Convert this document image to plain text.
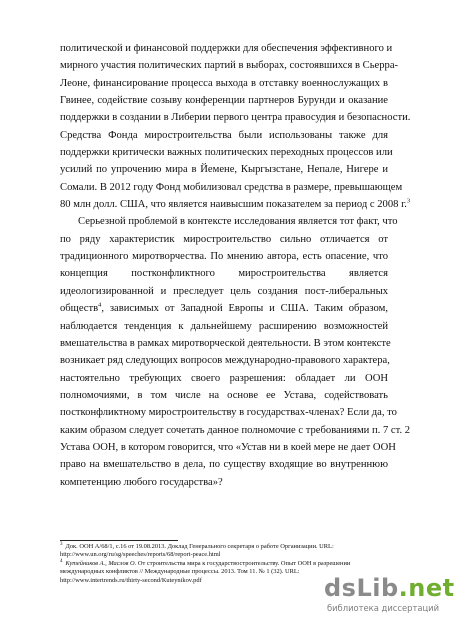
политической и финансовой поддержки для обеспечения эффективного и
мирного участия политических партий в выборах, состоявшихся в Сьерра-
Леоне, финансирование процесса выхода в отставку военнослужащих в
Гвинее, содействие созыву конференции партнеров Бурунди и оказание
поддержки в создании в Либерии первого центра правосудия и безопасности.
Средства Фонда миростроительства были использованы также для
поддержки критически важных политических переходных процессов или
усилий по упрочению мира в Йемене, Кыргызстане, Непале, Нигере и
Сомали. В 2012 году Фонд мобилизовал средства в размере, превышающем
80 млн долл. США, что является наивысшим показателем за период с 2008 г.$^3$
Серьезной проблемой в контексте исследования является тот факт, что
по ряду характеристик миростроительство сильно отличается от
традиционного миротворчества. По мнению автора, есть опасение, что
концепция постконфликтного миростроительства является
идеологизированной и преследует цель создания пост-либеральных
обществ$^4$, зависимых от Западной Европы и США. Таким образом,
наблюдается тенденция к дальнейшему расширению возможностей
вмешательства в рамках миротворческой деятельности. В этом контексте
возникает ряд следующих вопросов международно-правового характера,
настоятельно требующих своего разрешения: обладает ли ООН
полномочиями, в том числе на основе ее Устава, содействовать
постконфликтному миростроительству в государствах-членах? Если да, то
каким образом следует сочетать данное полномочие с требованиями п. 7 ст. 2
Устава ООН, в котором говорится, что «Устав ни в коей мере не дает ООН
право на вмешательство в дела, по существу входящие во внутреннюю
компетенцию любого государства»?
$^3$ Док. ООН A/68/1, с.16 от 19.08.2013. Доклад Генерального секретаря о работе Организации. URL:
http://www.un.org/ru/sg/speeches/reports/68/report-peace.html
$^4$ Кутейников А., Маслов О. От строительства мира к государствостроительству. Опыт ООН в разрешении
международных конфликтов // Международные процессы. 2013. Том 11. № 1 (32). URL:
http://www.intertrends.ru/thirty-second/Kuteynikov.pdf	dsLib.net
библиотека диссертаций
